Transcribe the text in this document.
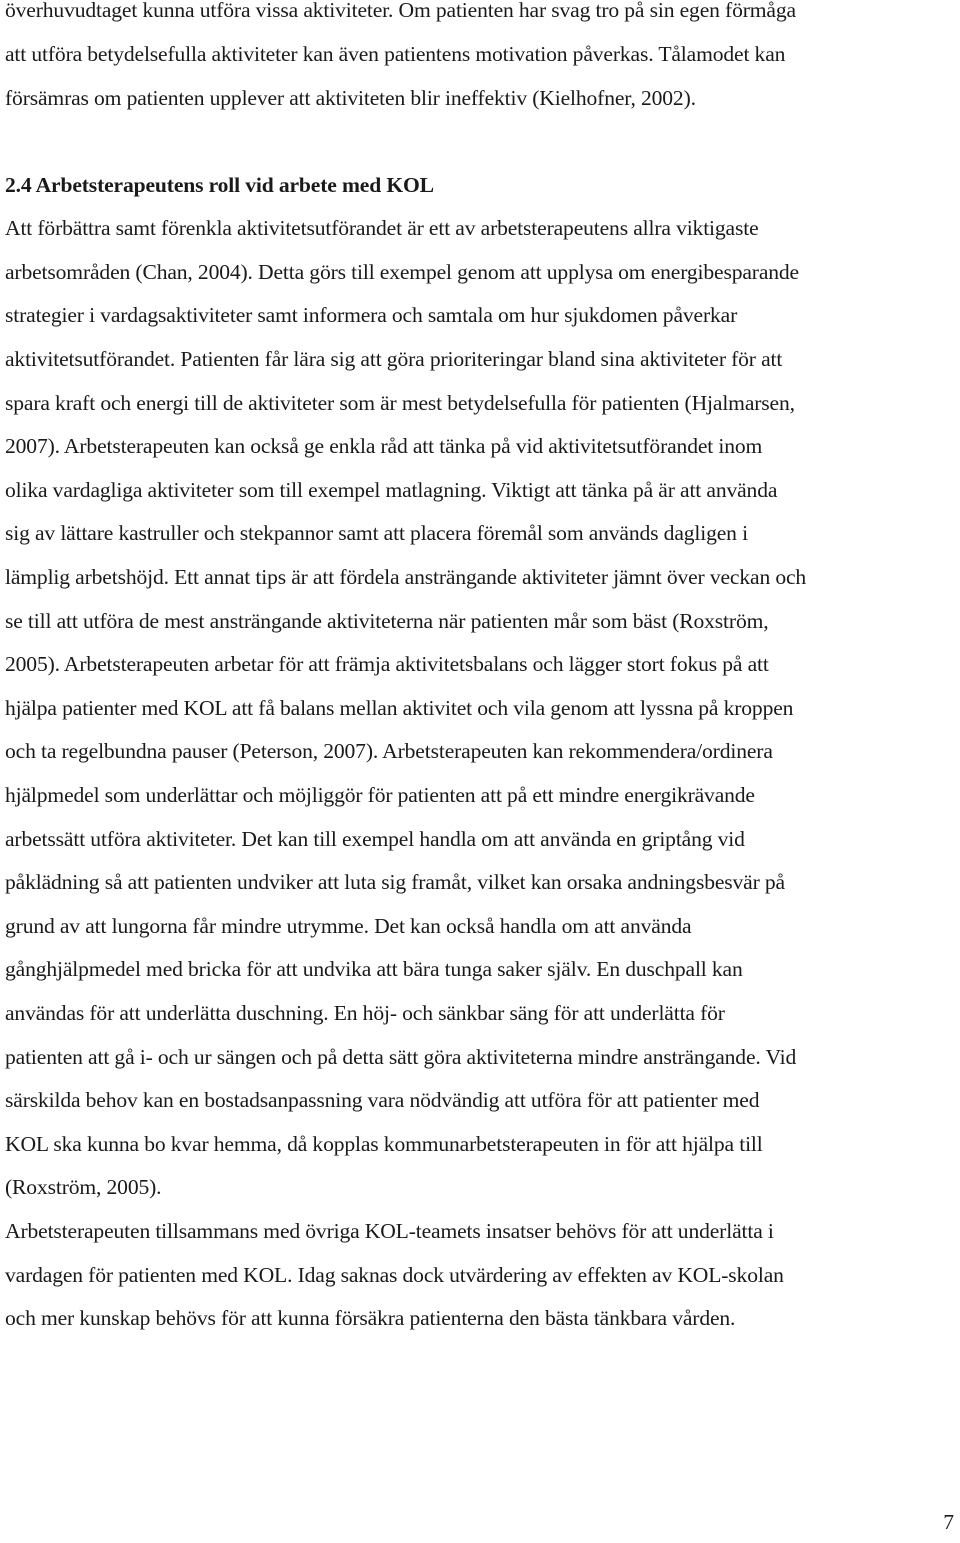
överhuvudtaget kunna utföra vissa aktiviteter. Om patienten har svag tro på sin egen förmåga
att utföra betydelsefulla aktiviteter kan även patientens motivation påverkas. Tålamodet kan
försämras om patienten upplever att aktiviteten blir ineffektiv (Kielhofner, 2002).
2.4 Arbetsterapeutens roll vid arbete med KOL
Att förbättra samt förenkla aktivitetsutförandet är ett av arbetsterapeutens allra viktigaste
arbetsområden (Chan, 2004). Detta görs till exempel genom att upplysa om energibesparande
strategier i vardagsaktiviteter samt informera och samtala om hur sjukdomen påverkar
aktivitetsutförandet. Patienten får lära sig att göra prioriteringar bland sina aktiviteter för att
spara kraft och energi till de aktiviteter som är mest betydelsefulla för patienten (Hjalmarsen,
2007). Arbetsterapeuten kan också ge enkla råd att tänka på vid aktivitetsutförandet inom
olika vardagliga aktiviteter som till exempel matlagning. Viktigt att tänka på är att använda
sig av lättare kastruller och stekpannor samt att placera föremål som används dagligen i
lämplig arbetshöjd. Ett annat tips är att fördela ansträngande aktiviteter jämnt över veckan och
se till att utföra de mest ansträngande aktiviteterna när patienten mår som bäst (Roxström,
2005). Arbetsterapeuten arbetar för att främja aktivitetsbalans och lägger stort fokus på att
hjälpa patienter med KOL att få balans mellan aktivitet och vila genom att lyssna på kroppen
och ta regelbundna pauser (Peterson, 2007). Arbetsterapeuten kan rekommendera/ordinera
hjälpmedel som underlättar och möjliggör för patienten att på ett mindre energikrävande
arbetssätt utföra aktiviteter. Det kan till exempel handla om att använda en griptång vid
påklädning så att patienten undviker att luta sig framåt, vilket kan orsaka andningsbesvär på
grund av att lungorna får mindre utrymme. Det kan också handla om att använda
gånghjälpmedel med bricka för att undvika att bära tunga saker själv. En duschpall kan
användas för att underlätta duschning. En höj- och sänkbar säng för att underlätta för
patienten att gå i- och ur sängen och på detta sätt göra aktiviteterna mindre ansträngande. Vid
särskilda behov kan en bostadsanpassning vara nödvändig att utföra för att patienter med
KOL ska kunna bo kvar hemma, då kopplas kommunarbetsterapeuten in för att hjälpa till
(Roxström, 2005).
Arbetsterapeuten tillsammans med övriga KOL-teamets insatser behövs för att underlätta i
vardagen för patienten med KOL. Idag saknas dock utvärdering av effekten av KOL-skolan
och mer kunskap behövs för att kunna försäkra patienterna den bästa tänkbara vården.
7
